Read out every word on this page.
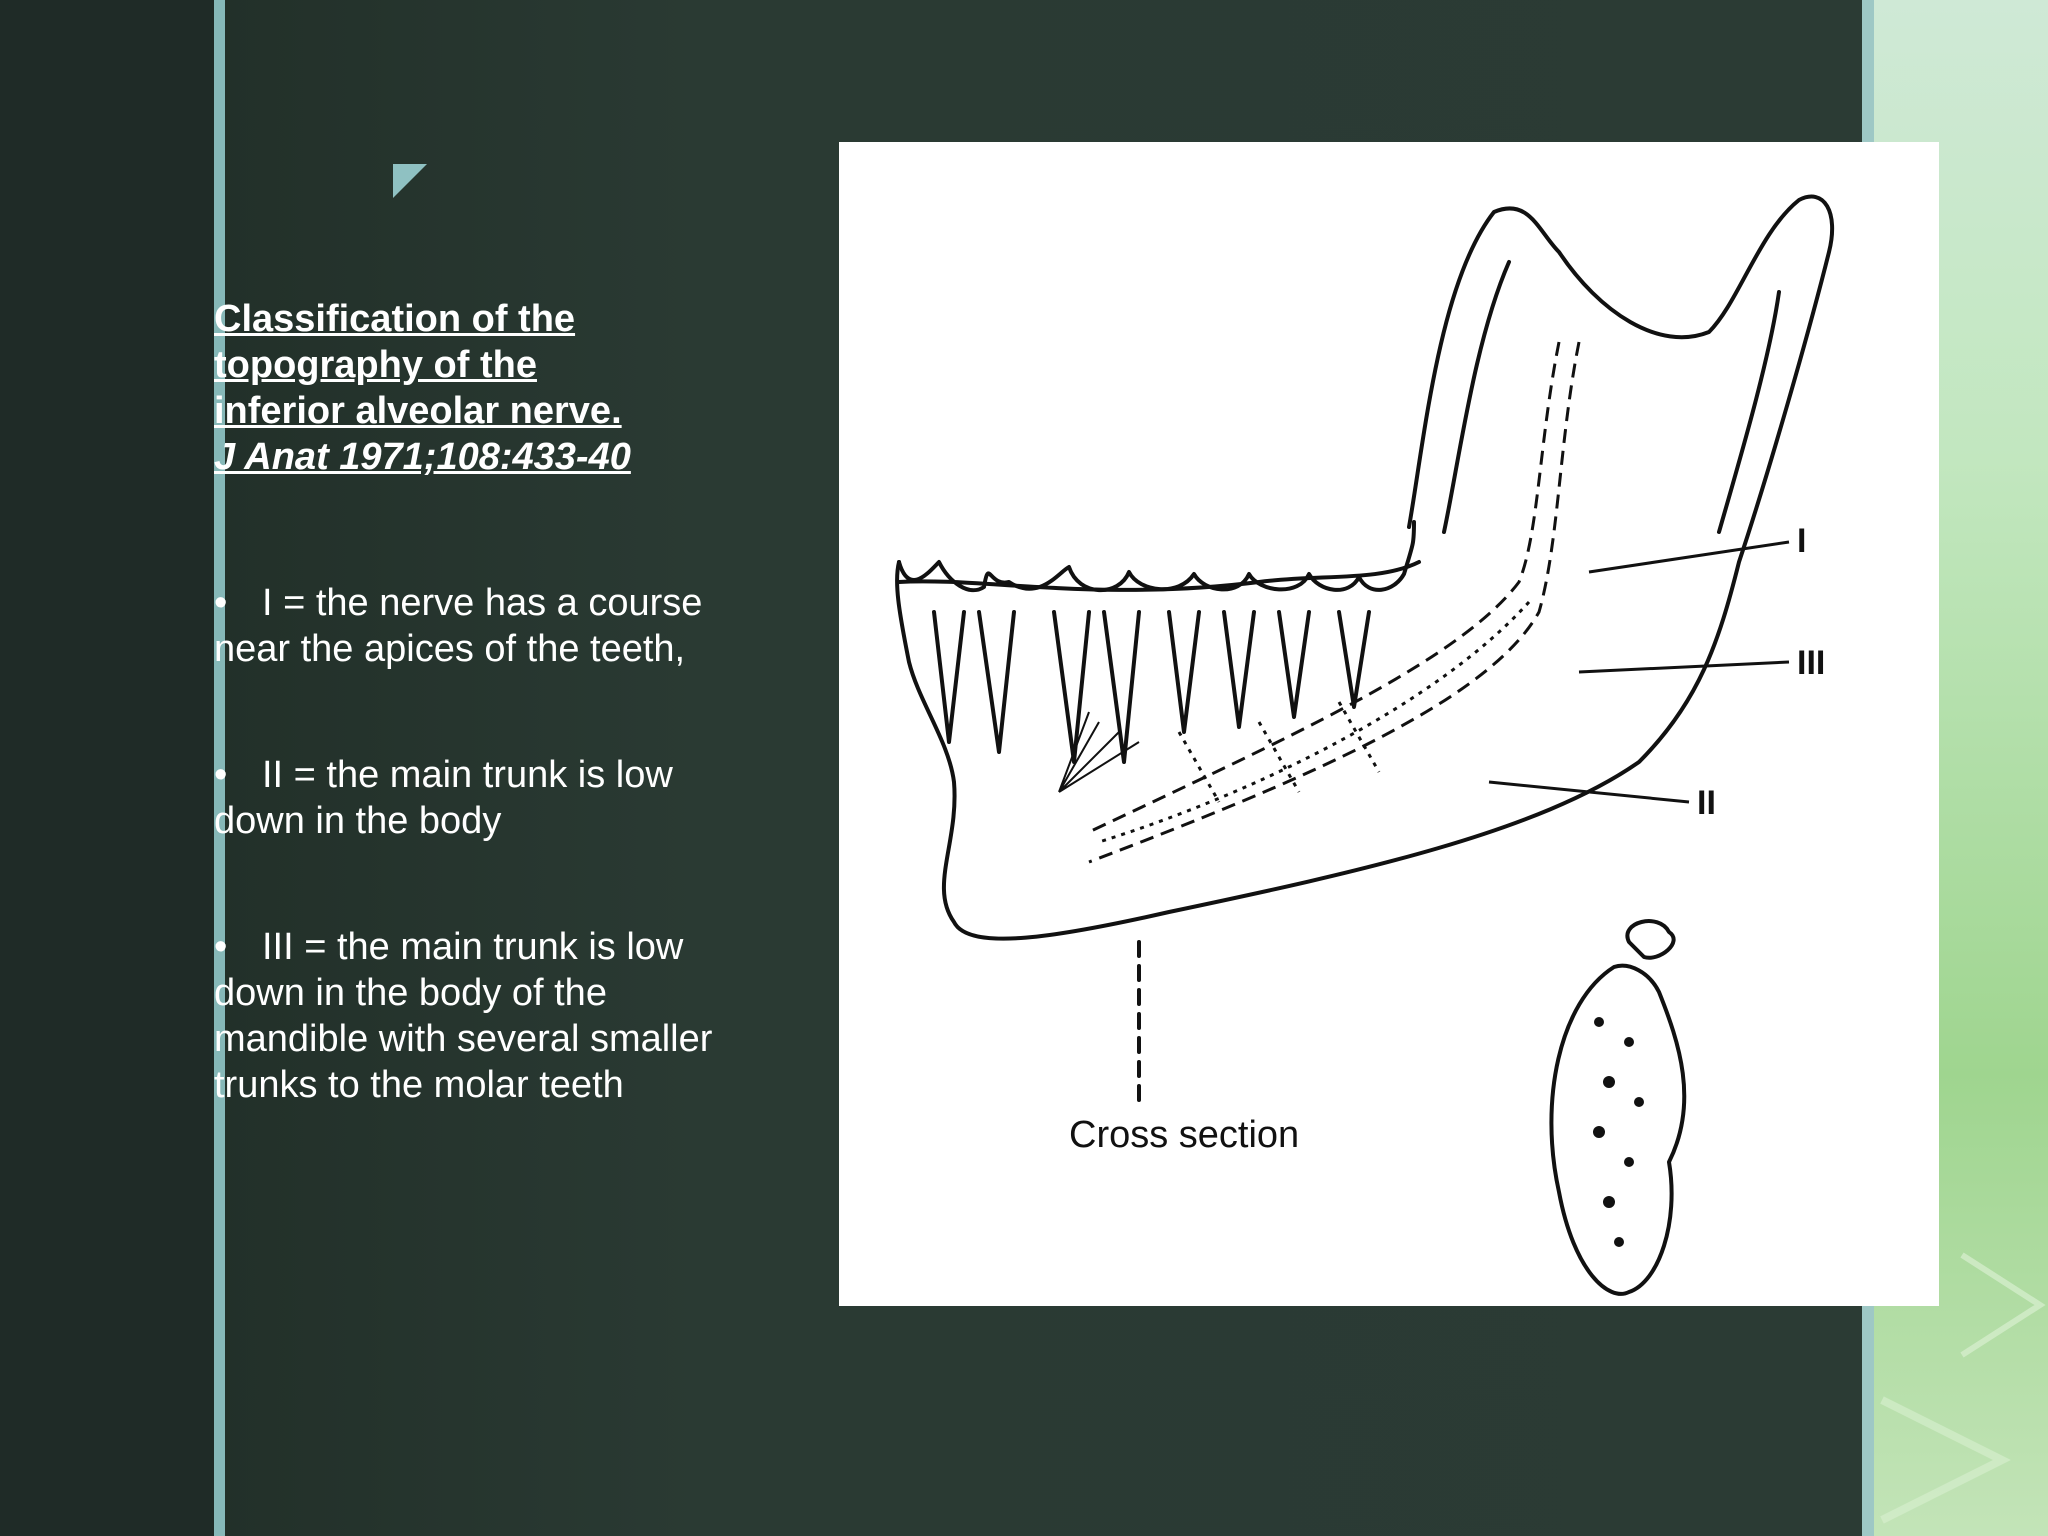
Classification of the
topography of the
inferior alveolar nerve.
J Anat 1971;108:433-40
• I = the nerve has a course near the apices of the teeth,
• II = the main trunk is low down in the body
• III = the main trunk is low down in the body of the mandible with several smaller trunks to the molar teeth
I
III
II
Cross section
